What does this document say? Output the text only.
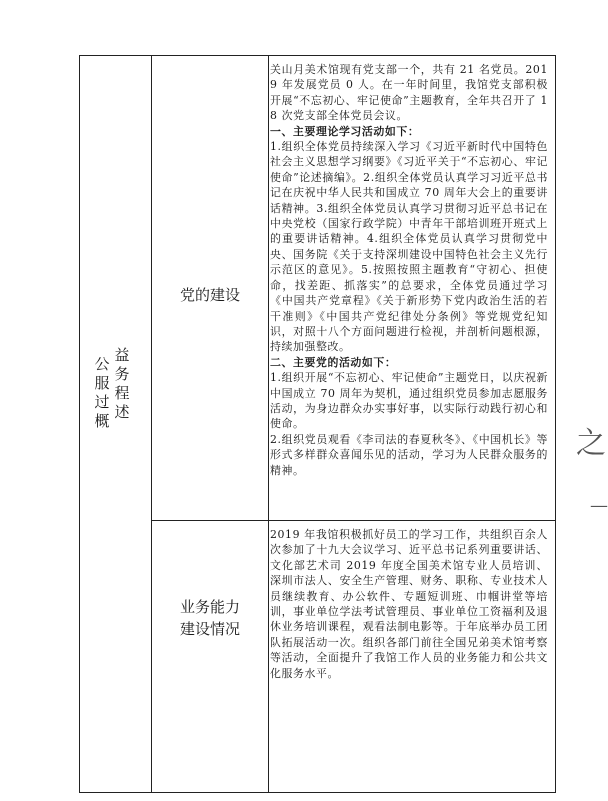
公
服
过
概
益
务
程
述
党的建设
业务能力
建设情况

关山月美术馆现有党支部一个，共有 21 名党员。2019 年发展党员 0 人。在一年时间里，我馆党支部积极开展“不忘初心、牢记使命”主题教育，全年共召开了 18 次党支部全体党员会议。

一、主要理论学习活动如下：

1.组织全体党员持续深入学习《习近平新时代中国特色社会主义思想学习纲要》《习近平关于“不忘初心、牢记使命”论述摘编》。2.组织全体党员认真学习习近平总书记在庆祝中华人民共和国成立 70 周年大会上的重要讲话精神。3.组织全体党员认真学习贯彻习近平总书记在中央党校（国家行政学院）中青年干部培训班开班式上的重要讲话精神。4.组织全体党员认真学习贯彻党中央、国务院《关于支持深圳建设中国特色社会主义先行示范区的意见》。5.按照按照主题教育“守初心、担使命，找差距、抓落实”的总要求，全体党员通过学习《中国共产党章程》《关于新形势下党内政治生活的若干准则》《中国共产党纪律处分条例》等党规党纪知识，对照十八个方面问题进行检视，并剖析问题根源，持续加强整改。

二、主要党的活动如下：

1.组织开展“不忘初心、牢记使命”主题党日，以庆祝新中国成立 70 周年为契机，通过组织党员参加志愿服务活动，为身边群众办实事好事，以实际行动践行初心和使命。

2.组织党员观看《李司法的春夏秋冬》、《中国机长》等形式多样群众喜闻乐见的活动，学习为人民群众服务的精神。

2019 年我馆积极抓好员工的学习工作，共组织百余人次参加了十九大会议学习、近平总书记系列重要讲话、文化部艺术司 2019 年度全国美术馆专业人员培训、深圳市法人、安全生产管理、财务、职称、专业技术人员继续教育、办公软件、专题短训班、巾帼讲堂等培训，事业单位学法考试管理员、事业单位工资福利及退休业务培训课程，观看法制电影等。于年底举办员工团队拓展活动一次。组织各部门前往全国兄弟美术馆考察等活动，全面提升了我馆工作人员的业务能力和公共文化服务水平。

之
—
